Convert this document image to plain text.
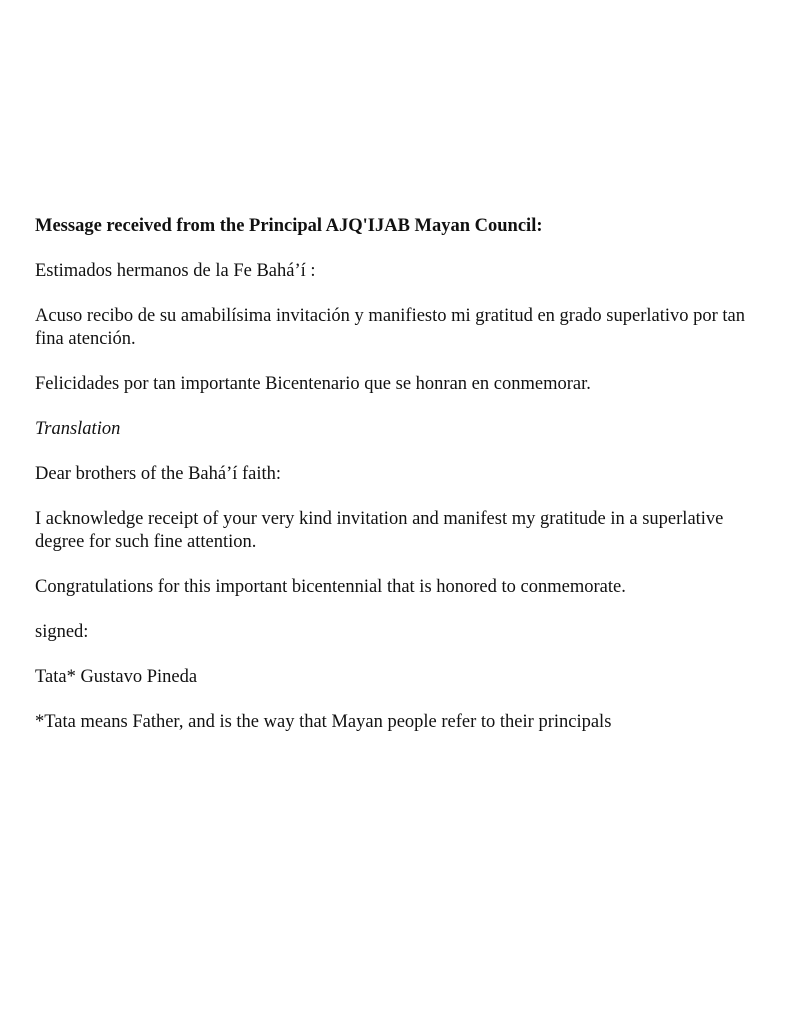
Message received from the Principal AJQ'IJAB Mayan Council:

Estimados hermanos de la Fe Bahá’í :

Acuso recibo de su amabilísima invitación y manifiesto mi gratitud en grado superlativo por tan fina atención.

Felicidades por tan importante Bicentenario que se honran en conmemorar.

Translation

Dear brothers of the Bahá’í faith:

I acknowledge receipt of your very kind invitation and manifest my gratitude in a superlative degree for such fine attention.

Congratulations for this important bicentennial that is honored to conmemorate.

signed:

Tata* Gustavo Pineda

*Tata means Father, and is the way that Mayan people refer to their principals
